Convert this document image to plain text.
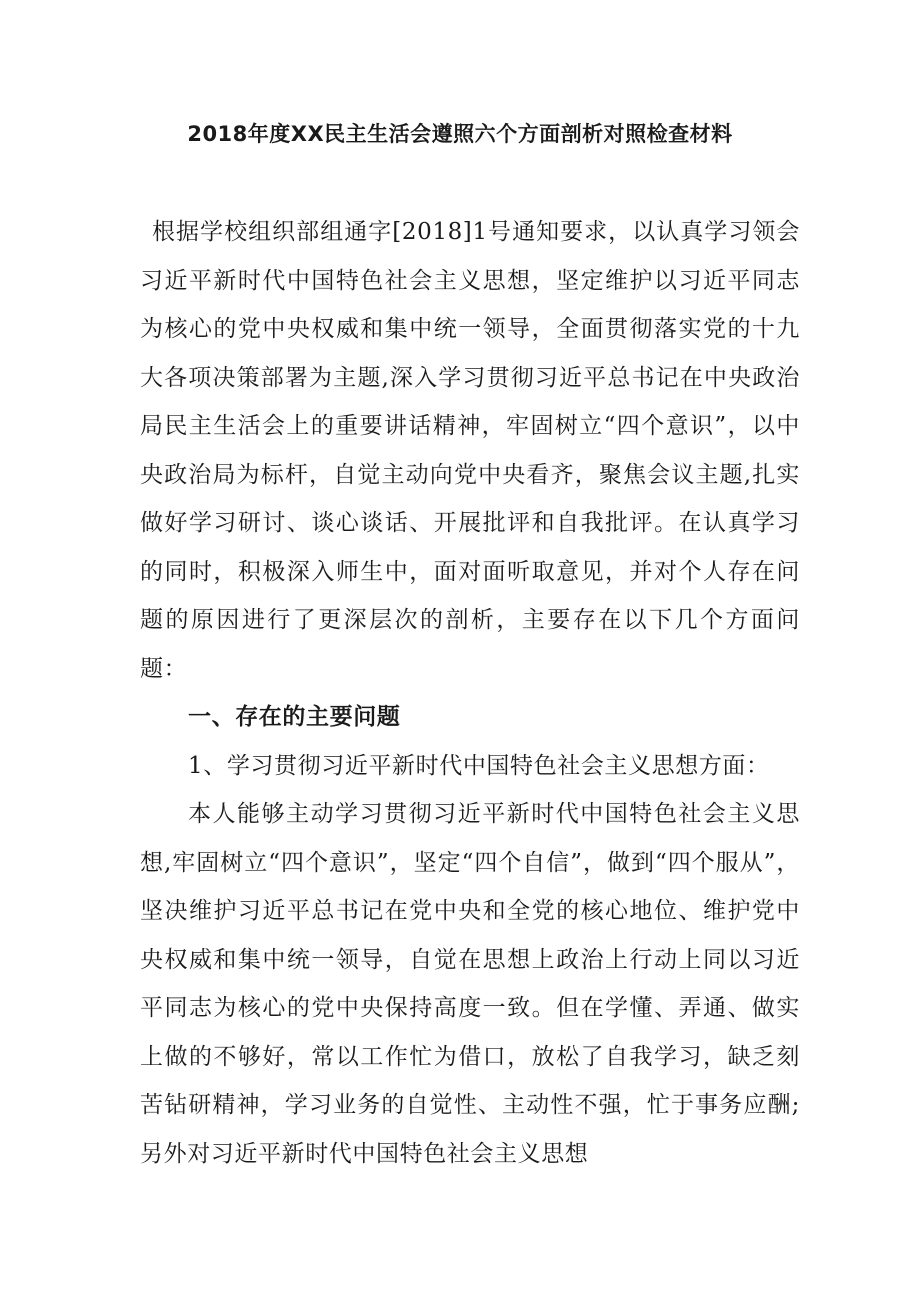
2018年度XX民主生活会遵照六个方面剖析对照检查材料

根据学校组织部组通字[2018]1号通知要求，以认真学习领会习近平新时代中国特色社会主义思想，坚定维护以习近平同志为核心的党中央权威和集中统一领导，全面贯彻落实党的十九大各项决策部署为主题,深入学习贯彻习近平总书记在中央政治局民主生活会上的重要讲话精神，牢固树立“四个意识”，以中央政治局为标杆，自觉主动向党中央看齐，聚焦会议主题,扎实做好学习研讨、谈心谈话、开展批评和自我批评。在认真学习的同时，积极深入师生中，面对面听取意见，并对个人存在问题的原因进行了更深层次的剖析，主要存在以下几个方面问题：

一、存在的主要问题

1、学习贯彻习近平新时代中国特色社会主义思想方面：

本人能够主动学习贯彻习近平新时代中国特色社会主义思想,牢固树立“四个意识”，坚定“四个自信”，做到“四个服从”，坚决维护习近平总书记在党中央和全党的核心地位、维护党中央权威和集中统一领导，自觉在思想上政治上行动上同以习近平同志为核心的党中央保持高度一致。但在学懂、弄通、做实上做的不够好，常以工作忙为借口，放松了自我学习，缺乏刻苦钻研精神，学习业务的自觉性、主动性不强，忙于事务应酬;另外对习近平新时代中国特色社会主义思想
